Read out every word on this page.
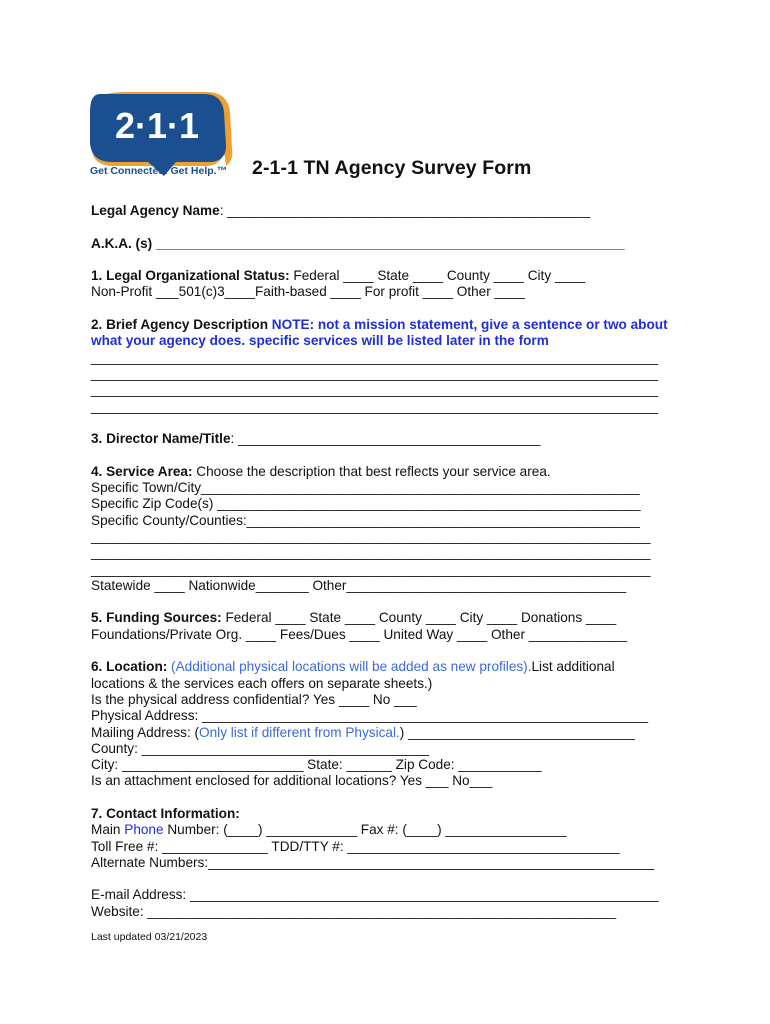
2·1·1
Get Connected. Get Help.™ 2-1-1 TN Agency Survey Form
Legal Agency Name: ________________________________________________
A.K.A. (s) ______________________________________________________________
1. Legal Organizational Status: Federal ____ State ____ County ____ City ____
Non-Profit ___501(c)3____Faith-based ____ For profit ____ Other ____
2. Brief Agency Description NOTE: not a mission statement, give a sentence or two about
what your agency does. specific services will be listed later in the form
___________________________________________________________________________
___________________________________________________________________________
___________________________________________________________________________
___________________________________________________________________________
3. Director Name/Title: ________________________________________
4. Service Area: Choose the description that best reflects your service area.
Specific Town/City__________________________________________________________
Specific Zip Code(s) ________________________________________________________
Specific County/Counties:____________________________________________________
__________________________________________________________________________
__________________________________________________________________________
__________________________________________________________________________
Statewide ____ Nationwide_______ Other_____________________________________
5. Funding Sources: Federal ____ State ____ County ____ City ____ Donations ____
Foundations/Private Org. ____ Fees/Dues ____ United Way ____ Other _____________
6. Location: (Additional physical locations will be added as new profiles).List additional
locations & the services each offers on separate sheets.)
Is the physical address confidential? Yes ____ No ___
Physical Address: ___________________________________________________________
Mailing Address: (Only list if different from Physical.) ______________________________
County: ______________________________________
City: ________________________ State: ______ Zip Code: ___________
Is an attachment enclosed for additional locations? Yes ___ No___
7. Contact Information:
Main Phone Number: (____) ____________ Fax #: (____) ________________
Toll Free #: ______________ TDD/TTY #: ____________________________________
Alternate Numbers:___________________________________________________________
E-mail Address: ______________________________________________________________
Website: ______________________________________________________________
Last updated 03/21/2023
